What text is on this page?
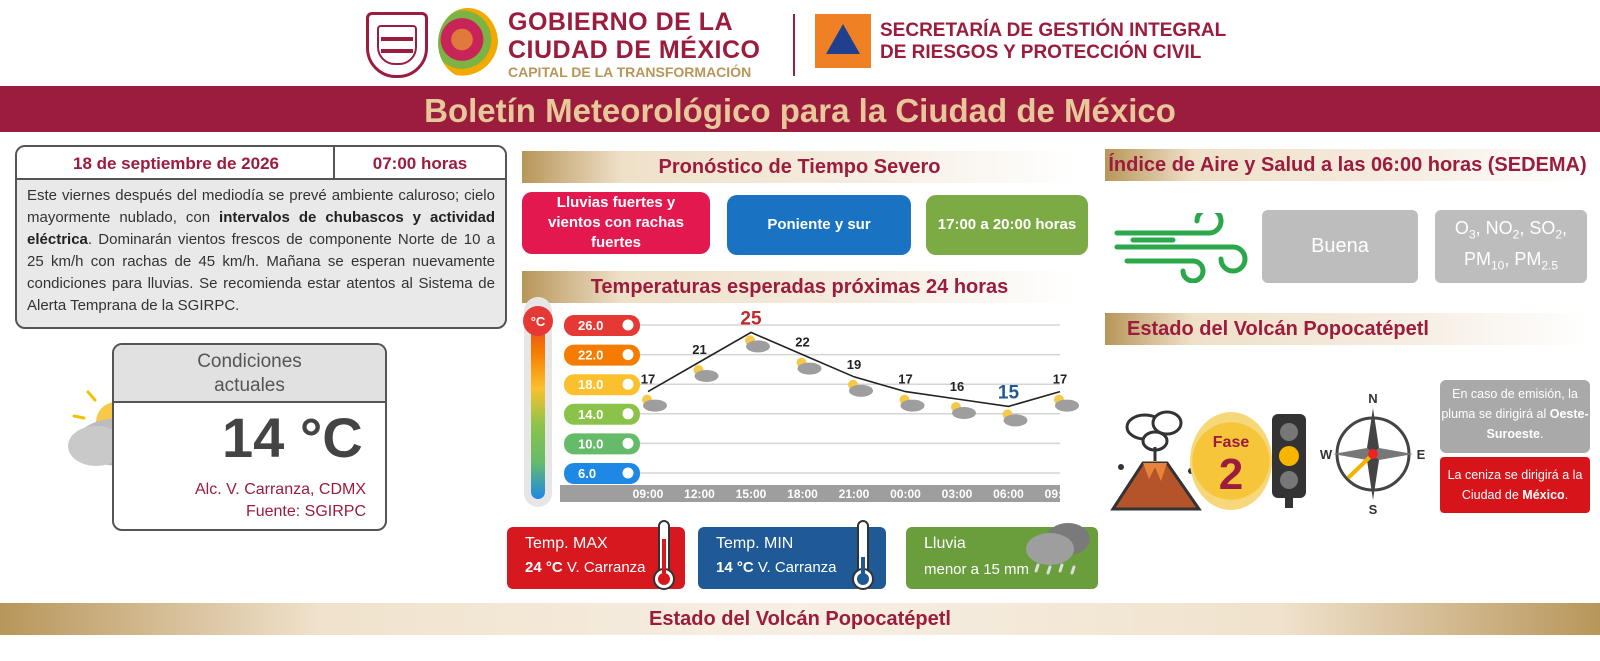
GOBIERNO DE LA
CIUDAD DE MÉXICO
CAPITAL DE LA TRANSFORMACIÓN
SECRETARÍA DE GESTIÓN INTEGRAL
DE RIESGOS Y PROTECCIÓN CIVIL
Boletín Meteorológico para la Ciudad de México
18 de septiembre de 2026	07:00 horas
Este viernes después del mediodía se prevé ambiente caluroso; cielo mayormente nublado, con intervalos de chubascos y actividad eléctrica. Dominarán vientos frescos de componente Norte de 10 a 25 km/h con rachas de 45 km/h. Mañana se esperan nuevamente condiciones para lluvias. Se recomienda estar atentos al Sistema de Alerta Temprana de la SGIRPC.
Condiciones
actuales
14 °C
Alc. V. Carranza, CDMX
Fuente: SGIRPC
Pronóstico de Tiempo Severo
Lluvias fuertes y vientos con rachas fuertes
Poniente y sur	17:00 a 20:00 horas
Temperaturas esperadas próximas 24 horas
°C	26.0
22.0
18.0
14.0
10.0
6.0
09:00 12:00 15:00 18:00 21:00 00:00 03:00 06:00 09:00
17
21
25
22
19
17	16 15
17
Temp. MAX
24 °C V. Carranza
Temp. MIN
14 °C V. Carranza
Lluvia
menor a 15 mm
Índice de Aire y Salud a las 06:00 horas (SEDEMA)
Buena
$O_3$, $NO_2$, $SO_2$,
$PM_{10}$, $PM_{2.5}$
Estado del Volcán Popocatépetl
Fase
2
N
S
E
W
En caso de emisión, la pluma se dirigirá al Oeste-Suroeste.
La ceniza se dirigirá a la Ciudad de México.
Estado del Volcán Popocatépetl
